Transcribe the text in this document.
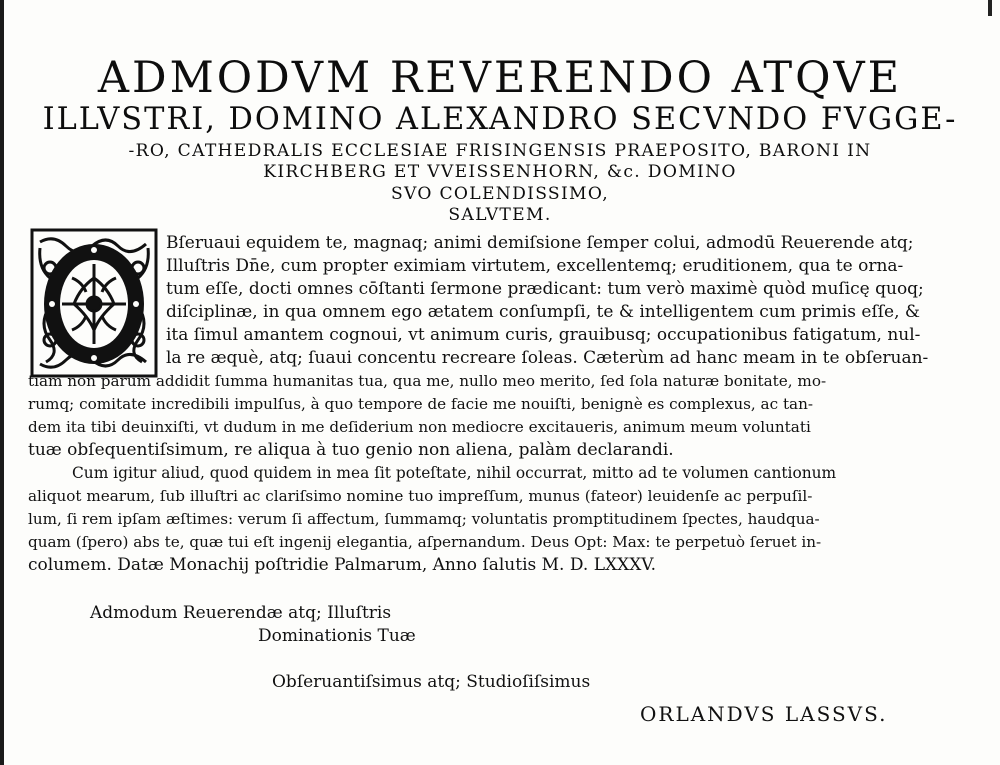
ADMODVM REVERENDO ATQVE
ILLVSTRI, DOMINO ALEXANDRO SECVNDO FVGGE-
-RO, CATHEDRALIS ECCLESIAE FRISINGENSIS PRAEPOSITO, BARONI IN
KIRCHBERG ET VVEISSENHORN, &c. DOMINO
SVO COLENDISSIMO,
SALVTEM.
Bſeruaui equidem te, magnaq; animi demiſsione ſemper colui, admodū Reuerende atq;
Illuſtris Dn̄e, cum propter eximiam virtutem, excellentemq; eruditionem, qua te orna-
tum eſſe, docti omnes cōſtanti ſermone prædicant: tum verò maximè quòd muſicę quoq;
diſciplinæ, in qua omnem ego ætatem conſumpſi, te & intelligentem cum primis eſſe, &
ita ſimul amantem cognoui, vt animum curis, grauibusq; occupationibus fatigatum, nul-
la re æquè, atq; ſuaui concentu recreare ſoleas. Cæterùm ad hanc meam in te obſeruan-
tiam non parum addidit ſumma humanitas tua, qua me, nullo meo merito, ſed ſola naturæ bonitate, mo-
rumq; comitate incredibili impulſus, à quo tempore de facie me nouiſti, benignè es complexus, ac tan-
dem ita tibi deuinxiſti, vt dudum in me deſiderium non mediocre excitaueris, animum meum voluntati
tuæ obſequentiſsimum, re aliqua à tuo genio non aliena, palàm declarandi.
Cum igitur aliud, quod quidem in mea ſit poteſtate, nihil occurrat, mitto ad te volumen cantionum
aliquot mearum, ſub illuſtri ac clariſsimo nomine tuo impreſſum, munus (fateor) leuidenſe ac perpuſil-
lum, ſi rem ipſam æſtimes: verum ſi affectum, ſummamq; voluntatis promptitudinem ſpectes, haudqua-
quam (ſpero) abs te, quæ tui eſt ingenij elegantia, aſpernandum. Deus Opt: Max: te perpetuò ſeruet in-
columem. Datæ Monachij poſtridie Palmarum, Anno ſalutis M. D. LXXXV.
Admodum Reuerendæ atq; Illuſtris
Dominationis Tuæ
Obſeruantiſsimus atq; Studioſiſsimus
ORLANDVS LASSVS.
